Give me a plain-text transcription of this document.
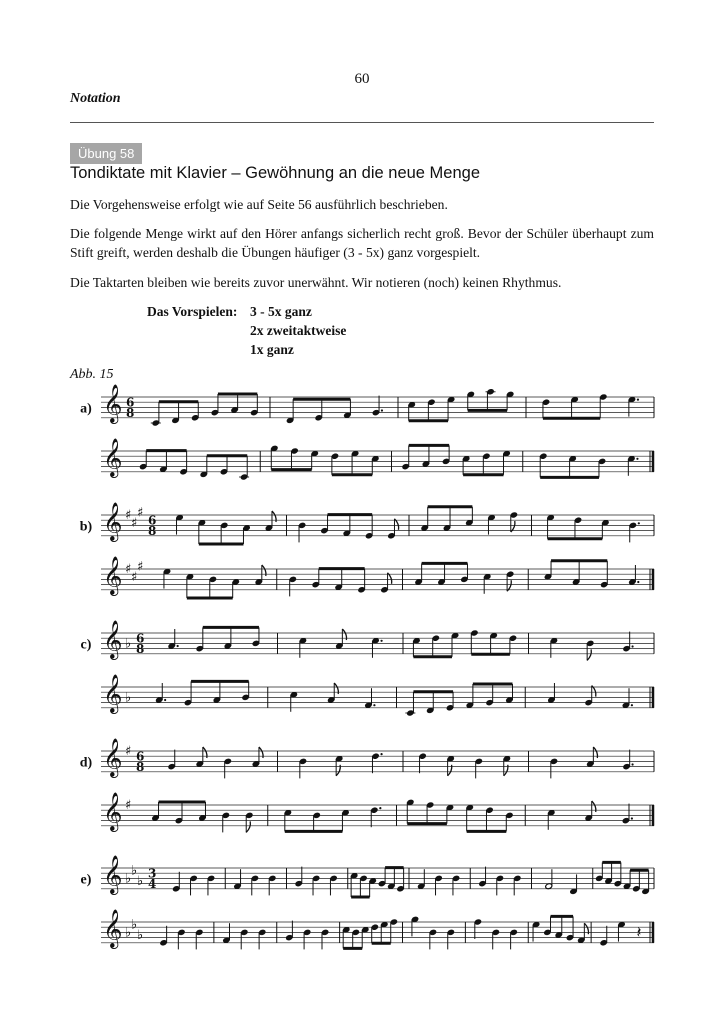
60
Notation
Übung 58
Tondiktate mit Klavier – Gewöhnung an die neue Menge
Die Vorgehensweise erfolgt wie auf Seite 56 ausführlich beschrieben.
Die folgende Menge wirkt auf den Hörer anfangs sicherlich recht groß. Bevor der Schüler überhaupt zum Stift greift, werden deshalb die Übungen häufiger (3 - 5x) ganz vorgespielt.
Die Taktarten bleiben wie bereits zuvor unerwähnt. Wir notieren (noch) keinen Rhythmus.
Das Vorspielen: 3 - 5x ganz
2x zweitaktweise
1x ganz
Abb. 15
a) 𝄞 6
8
𝄞
b) 𝄞 ♯
♯
♯ 6
8
𝄞 ♯
♯
♯
c) 𝄞 ♭ 6
8
𝄞 ♭
d) 𝄞 ♯ 6
8
𝄞 ♯
e) 𝄞 ♭
♭
♭
3
4
𝄞 ♭
♭
♭	𝄽
